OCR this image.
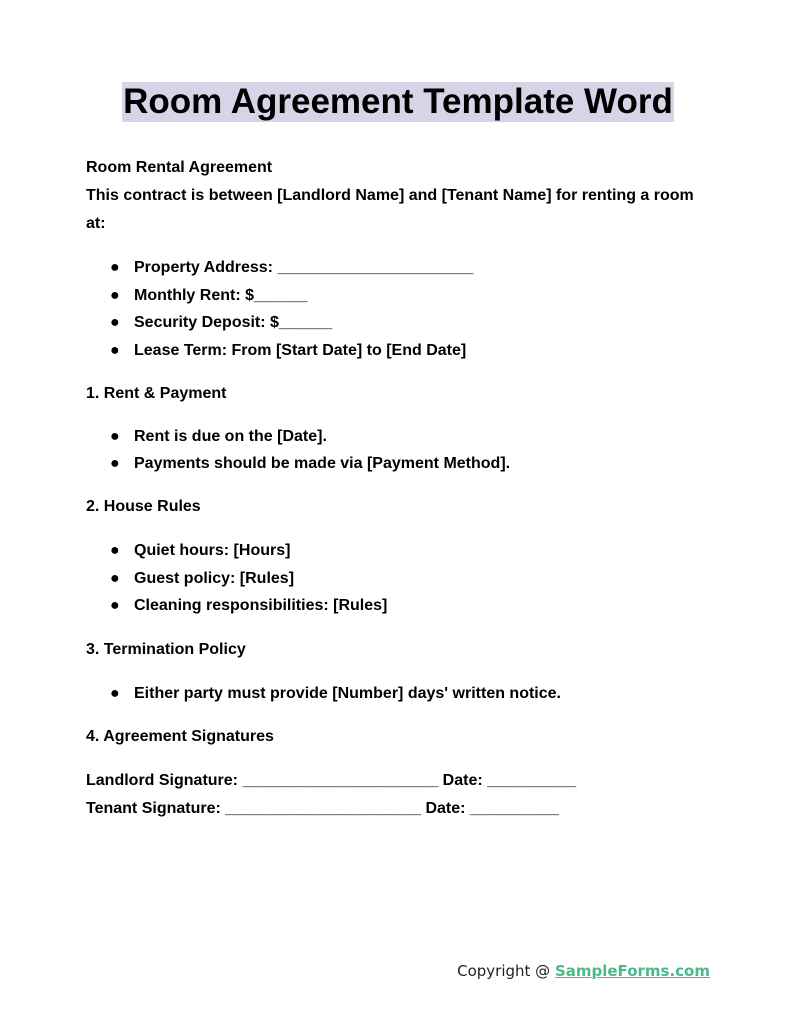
Room Agreement Template Word

Room Rental Agreement

This contract is between [Landlord Name] and [Tenant Name] for renting a room at:

● Property Address: ______________________
● Monthly Rent: $______
● Security Deposit: $______
● Lease Term: From [Start Date] to [End Date]

1. Rent & Payment

● Rent is due on the [Date].
● Payments should be made via [Payment Method].

2. House Rules

● Quiet hours: [Hours]
● Guest policy: [Rules]
● Cleaning responsibilities: [Rules]

3. Termination Policy

● Either party must provide [Number] days' written notice.

4. Agreement Signatures

Landlord Signature: ______________________ Date: __________

Tenant Signature: ______________________ Date: __________

Copyright @ SampleForms.com
